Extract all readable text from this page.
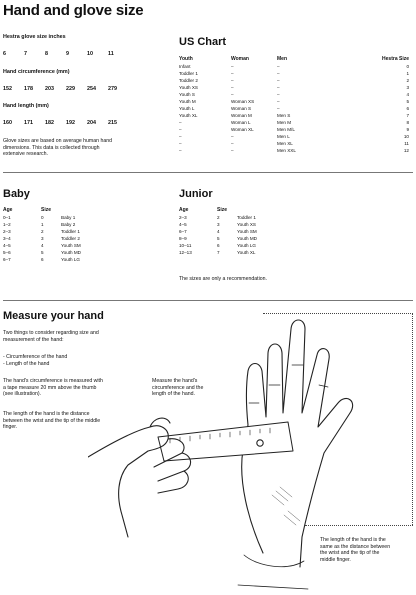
Hand and glove size
Hestra glove size inches
6	7	8	9	10	11
Hand circumference (mm)
152	178	203	229	254	279
Hand length (mm)
160	171	182	192	204	215
Glove sizes are based on average human hand
dimensions. This data is collected through
extensive research.
US Chart
Youth	Woman	Men	Hestra Size
Infant	–	–	0
Toddler 1	–	–	1
Toddler 2	–	–	2
Youth XS	–	–	3
Youth S	–	–	4
Youth M	Woman XS	–	5
Youth L	Woman S	–	6
Youth XL	Woman M	Men S	7
–	Woman L	Men M	8
–	Woman XL	Men M/L	9
–	–	Men L	10
–	–	Men XL	11
–	–	Men XXL	12
Baby
Age	Size	
0–1	0	Baby 1
1–2	1	Baby 2
2–3	2	Toddler 1
3–4	3	Toddler 2
4–5	4	Youth SM
5–6	5	Youth MD
6–7	6	Youth LG
Junior
Age	Size	
2–3	2	Toddler 1
4–5	3	Youth XS
6–7	4	Youth SM
8–9	5	Youth MD
10–11	6	Youth LG
12–13	7	Youth XL
The sizes are only a recommendation.
Measure your hand
Two things to consider regarding size and
measurement of the hand:
- Circumference of the hand
- Length of the hand
The hand's circumference is measured with
a tape measure 20 mm above the thumb
(see illustration).
The length of the hand is the distance
between the wrist and the tip of the middle
finger.
Measure the hand's
circumference and the
length of the hand.
The length of the hand is the
same as the distance between
the wrist and the tip of the
middle finger.
